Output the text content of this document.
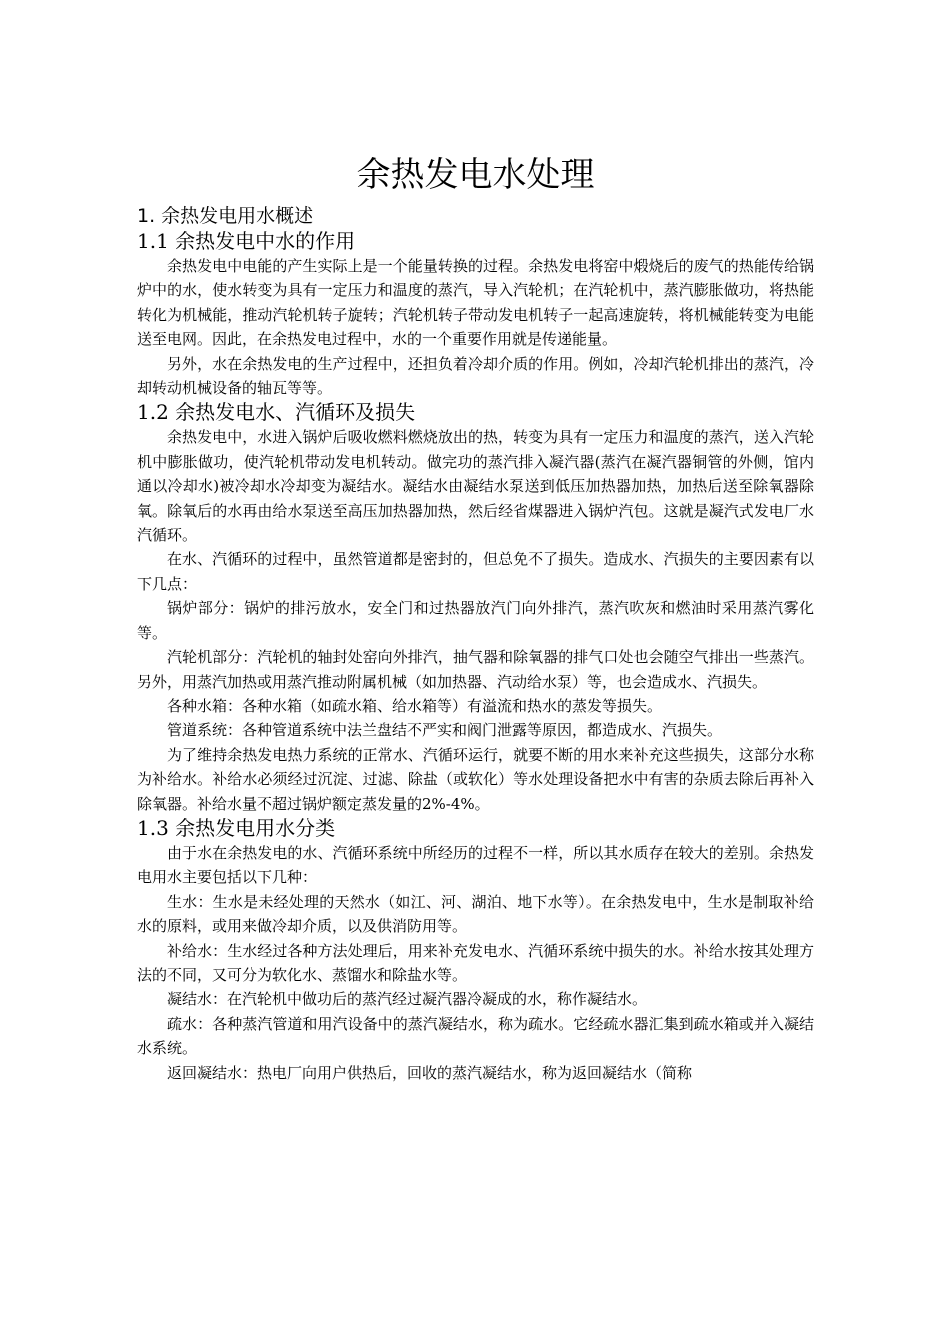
余热发电水处理
1. 余热发电用水概述
1.1 余热发电中水的作用

余热发电中电能的产生实际上是一个能量转换的过程。余热发电将窑中煅烧后的废气的热能传给锅炉中的水，使水转变为具有一定压力和温度的蒸汽，导入汽轮机；在汽轮机中，蒸汽膨胀做功，将热能转化为机械能，推动汽轮机转子旋转；汽轮机转子带动发电机转子一起高速旋转，将机械能转变为电能送至电网。因此，在余热发电过程中，水的一个重要作用就是传递能量。

另外，水在余热发电的生产过程中，还担负着冷却介质的作用。例如，冷却汽轮机排出的蒸汽，冷却转动机械设备的轴瓦等等。

1.2 余热发电水、汽循环及损失

余热发电中，水进入锅炉后吸收燃料燃烧放出的热，转变为具有一定压力和温度的蒸汽，送入汽轮机中膨胀做功，使汽轮机带动发电机转动。做完功的蒸汽排入凝汽器(蒸汽在凝汽器铜管的外侧，馆内通以冷却水)被冷却水冷却变为凝结水。凝结水由凝结水泵送到低压加热器加热，加热后送至除氧器除氧。除氧后的水再由给水泵送至高压加热器加热，然后经省煤器进入锅炉汽包。这就是凝汽式发电厂水汽循环。

在水、汽循环的过程中，虽然管道都是密封的，但总免不了损失。造成水、汽损失的主要因素有以下几点：

锅炉部分：锅炉的排污放水，安全门和过热器放汽门向外排汽，蒸汽吹灰和燃油时采用蒸汽雾化等。

汽轮机部分：汽轮机的轴封处窑向外排汽，抽气器和除氧器的排气口处也会随空气排出一些蒸汽。另外，用蒸汽加热或用蒸汽推动附属机械（如加热器、汽动给水泵）等，也会造成水、汽损失。

各种水箱：各种水箱（如疏水箱、给水箱等）有溢流和热水的蒸发等损失。

管道系统：各种管道系统中法兰盘结不严实和阀门泄露等原因，都造成水、汽损失。

为了维持余热发电热力系统的正常水、汽循环运行，就要不断的用水来补充这些损失，这部分水称为补给水。补给水必须经过沉淀、过滤、除盐（或软化）等水处理设备把水中有害的杂质去除后再补入除氧器。补给水量不超过锅炉额定蒸发量的2%-4%。

1.3 余热发电用水分类

由于水在余热发电的水、汽循环系统中所经历的过程不一样，所以其水质存在较大的差别。余热发电用水主要包括以下几种：

生水：生水是未经处理的天然水（如江、河、湖泊、地下水等）。在余热发电中，生水是制取补给水的原料，或用来做冷却介质，以及供消防用等。

补给水：生水经过各种方法处理后，用来补充发电水、汽循环系统中损失的水。补给水按其处理方法的不同，又可分为软化水、蒸馏水和除盐水等。

凝结水：在汽轮机中做功后的蒸汽经过凝汽器冷凝成的水，称作凝结水。

疏水：各种蒸汽管道和用汽设备中的蒸汽凝结水，称为疏水。它经疏水器汇集到疏水箱或并入凝结水系统。

返回凝结水：热电厂向用户供热后，回收的蒸汽凝结水，称为返回凝结水（简称
